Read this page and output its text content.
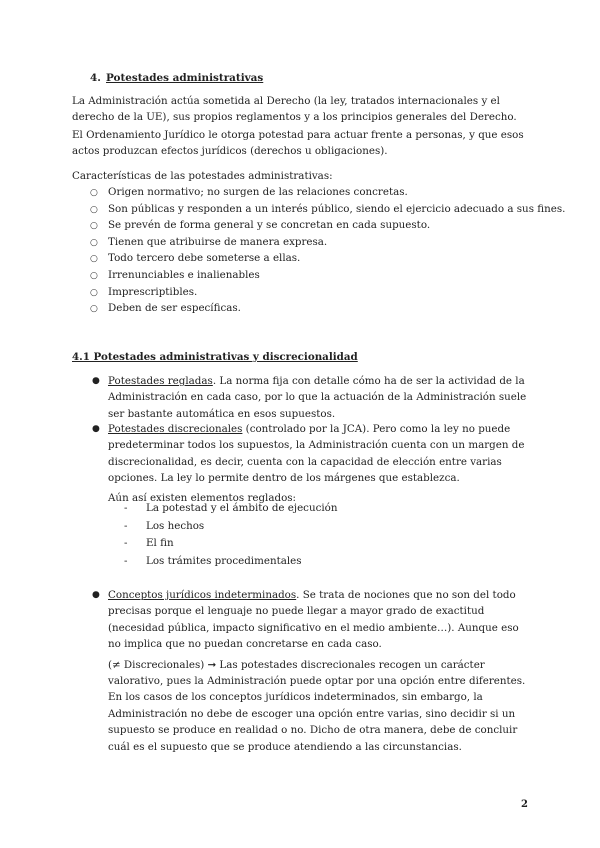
4. Potestades administrativas

La Administración actúa sometida al Derecho (la ley, tratados internacionales y el derecho de la UE), sus propios reglamentos y a los principios generales del Derecho.

El Ordenamiento Jurídico le otorga potestad para actuar frente a personas, y que esos actos produzcan efectos jurídicos (derechos u obligaciones).

Características de las potestades administrativas:

○ Origen normativo; no surgen de las relaciones concretas.
○ Son públicas y responden a un interés público, siendo el ejercicio adecuado a sus fines.
○ Se prevén de forma general y se concretan en cada supuesto.
○ Tienen que atribuirse de manera expresa.
○ Todo tercero debe someterse a ellas.
○ Irrenunciables e inalienables
○ Imprescriptibles.
○ Deben de ser específicas.
4.1 Potestades administrativas y discrecionalidad
● Potestades regladas. La norma fija con detalle cómo ha de ser la actividad de la Administración en cada caso, por lo que la actuación de la Administración suele ser bastante automática en esos supuestos.

● Potestades discrecionales (controlado por la JCA). Pero como la ley no puede predeterminar todos los supuestos, la Administración cuenta con un margen de discrecionalidad, es decir, cuenta con la capacidad de elección entre varias opciones. La ley lo permite dentro de los márgenes que establezca.

Aún así existen elementos reglados:

- La potestad y el ámbito de ejecución
- Los hechos
- El fin
- Los trámites procedimentales
● Conceptos jurídicos indeterminados. Se trata de nociones que no son del todo precisas porque el lenguaje no puede llegar a mayor grado de exactitud (necesidad pública, impacto significativo en el medio ambiente…). Aunque eso no implica que no puedan concretarse en cada caso.

(≠ Discrecionales) ➞ Las potestades discrecionales recogen un carácter valorativo, pues la Administración puede optar por una opción entre diferentes. En los casos de los conceptos jurídicos indeterminados, sin embargo, la Administración no debe de escoger una opción entre varias, sino decidir si un supuesto se produce en realidad o no. Dicho de otra manera, debe de concluir cuál es el supuesto que se produce atendiendo a las circunstancias.

2
